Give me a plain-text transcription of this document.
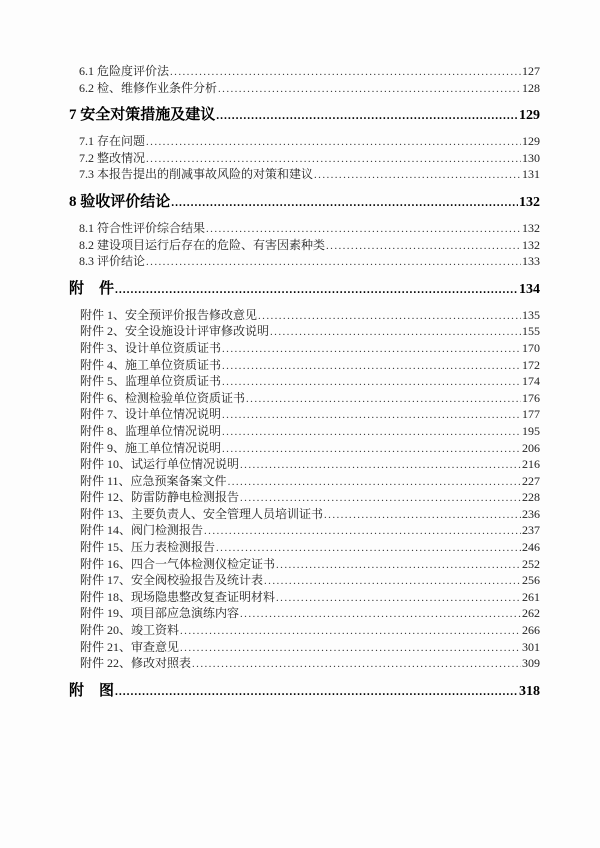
6.1 危险度评价法 .....	127
6.2 检、维修作业条件分析 .....	128
7 安全对策措施及建议 .....	129
7.1 存在问题 .....	129
7.2 整改情况 .....	130
7.3 本报告提出的削减事故风险的对策和建议 .....	131
8 验收评价结论 .....	132
8.1 符合性评价综合结果 .....	132
8.2 建设项目运行后存在的危险、有害因素种类 .....	132
8.3 评价结论 .....	133
附　件 .....	134
附件 1、安全预评价报告修改意见 .....	135
附件 2、安全设施设计评审修改说明 .....	155
附件 3、设计单位资质证书 .....	170
附件 4、施工单位资质证书 .....	172
附件 5、监理单位资质证书 .....	174
附件 6、检测检验单位资质证书 .....	176
附件 7、设计单位情况说明 .....	177
附件 8、监理单位情况说明 .....	195
附件 9、施工单位情况说明 .....	206
附件 10、试运行单位情况说明 .....	216
附件 11、应急预案备案文件 .....	227
附件 12、防雷防静电检测报告 .....	228
附件 13、主要负责人、安全管理人员培训证书 .....	236
附件 14、阀门检测报告 .....	237
附件 15、压力表检测报告 .....	246
附件 16、四合一气体检测仪检定证书 .....	252
附件 17、安全阀校验报告及统计表 .....	256
附件 18、现场隐患整改复查证明材料 .....	261
附件 19、项目部应急演练内容 .....	262
附件 20、竣工资料 .....	266
附件 21、审查意见 .....	301
附件 22、修改对照表 .....	309
附　图 .....	318
